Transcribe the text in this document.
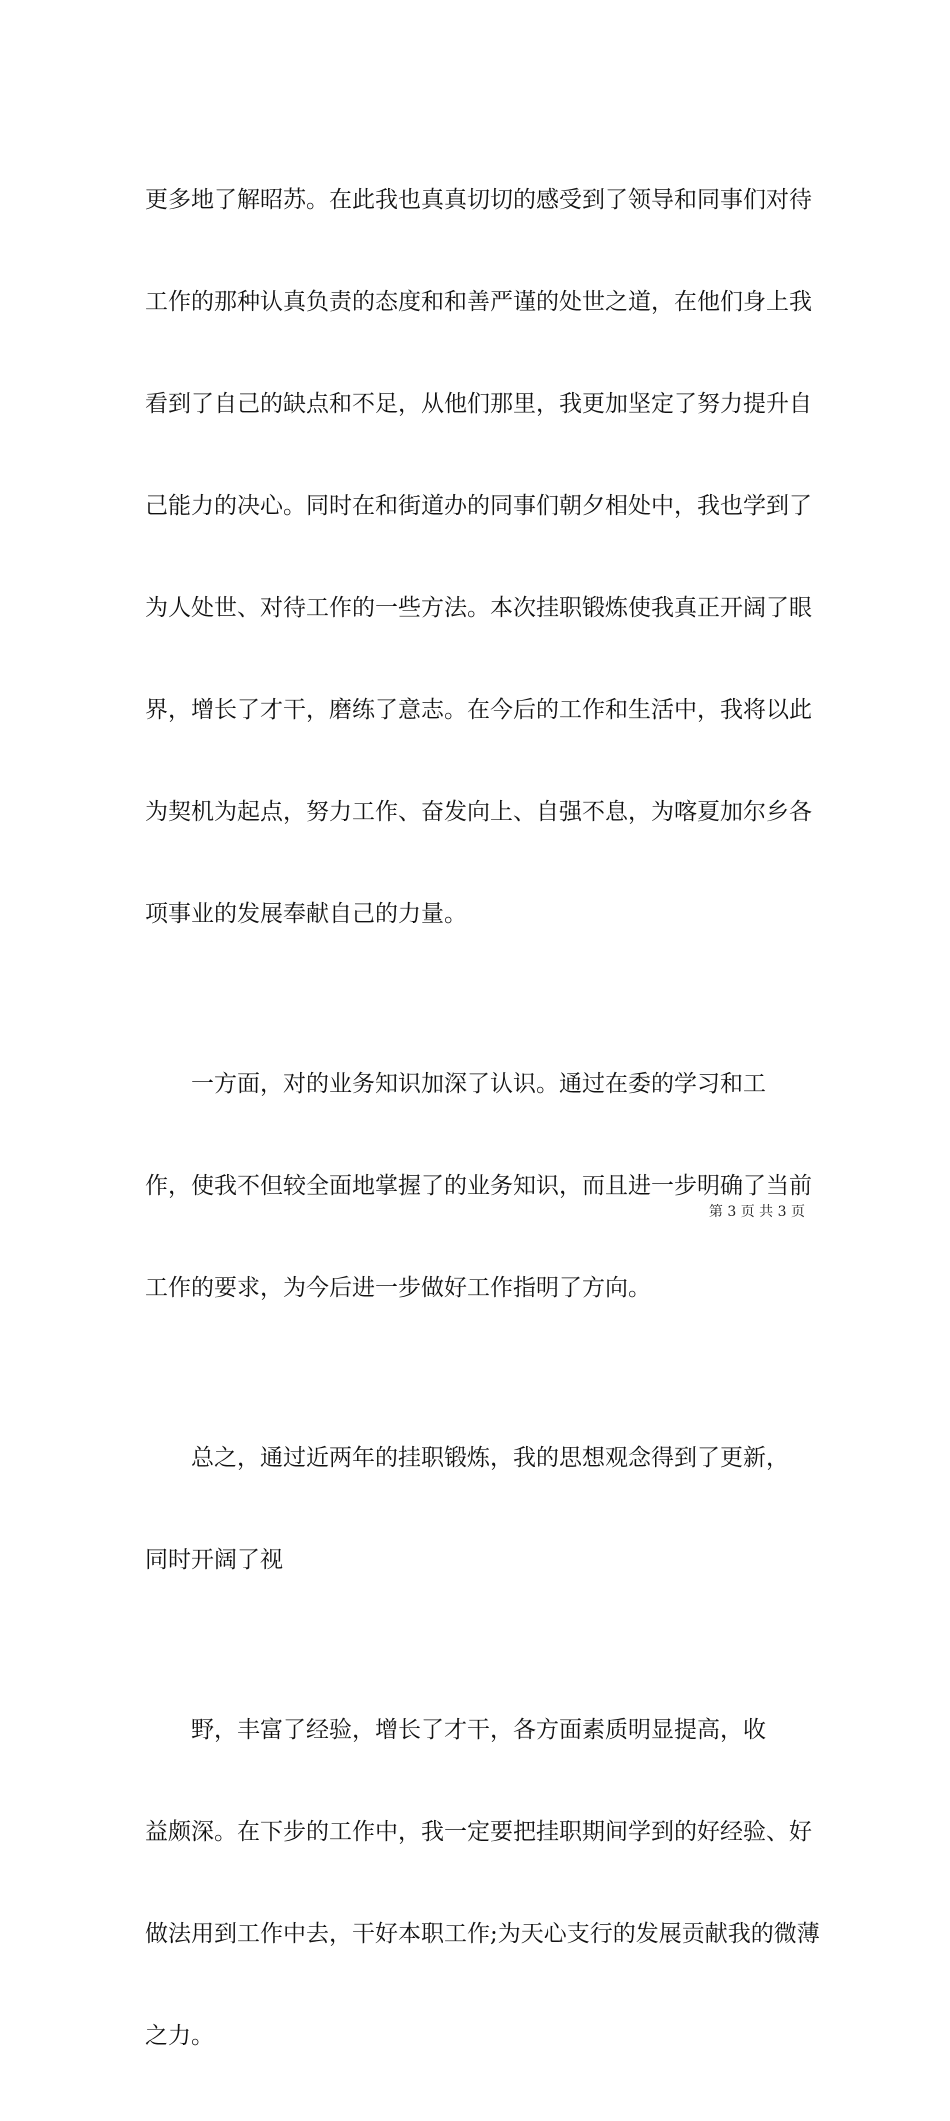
更多地了解昭苏。在此我也真真切切的感受到了领导和同事们对待

工作的那种认真负责的态度和和善严谨的处世之道，在他们身上我

看到了自己的缺点和不足，从他们那里，我更加坚定了努力提升自

己能力的决心。同时在和街道办的同事们朝夕相处中，我也学到了

为人处世、对待工作的一些方法。本次挂职锻炼使我真正开阔了眼

界，增长了才干，磨练了意志。在今后的工作和生活中，我将以此

为契机为起点，努力工作、奋发向上、自强不息，为喀夏加尔乡各

项事业的发展奉献自己的力量。

　　一方面，对的业务知识加深了认识。通过在委的学习和工

作，使我不但较全面地掌握了的业务知识，而且进一步明确了当前

工作的要求，为今后进一步做好工作指明了方向。

　　总之，通过近两年的挂职锻炼，我的思想观念得到了更新，

同时开阔了视

　　野，丰富了经验，增长了才干，各方面素质明显提高，收

益颇深。在下步的工作中，我一定要把挂职期间学到的好经验、好

做法用到工作中去，干好本职工作;为天心支行的发展贡献我的微薄

之力。

第 3 页 共 3 页
